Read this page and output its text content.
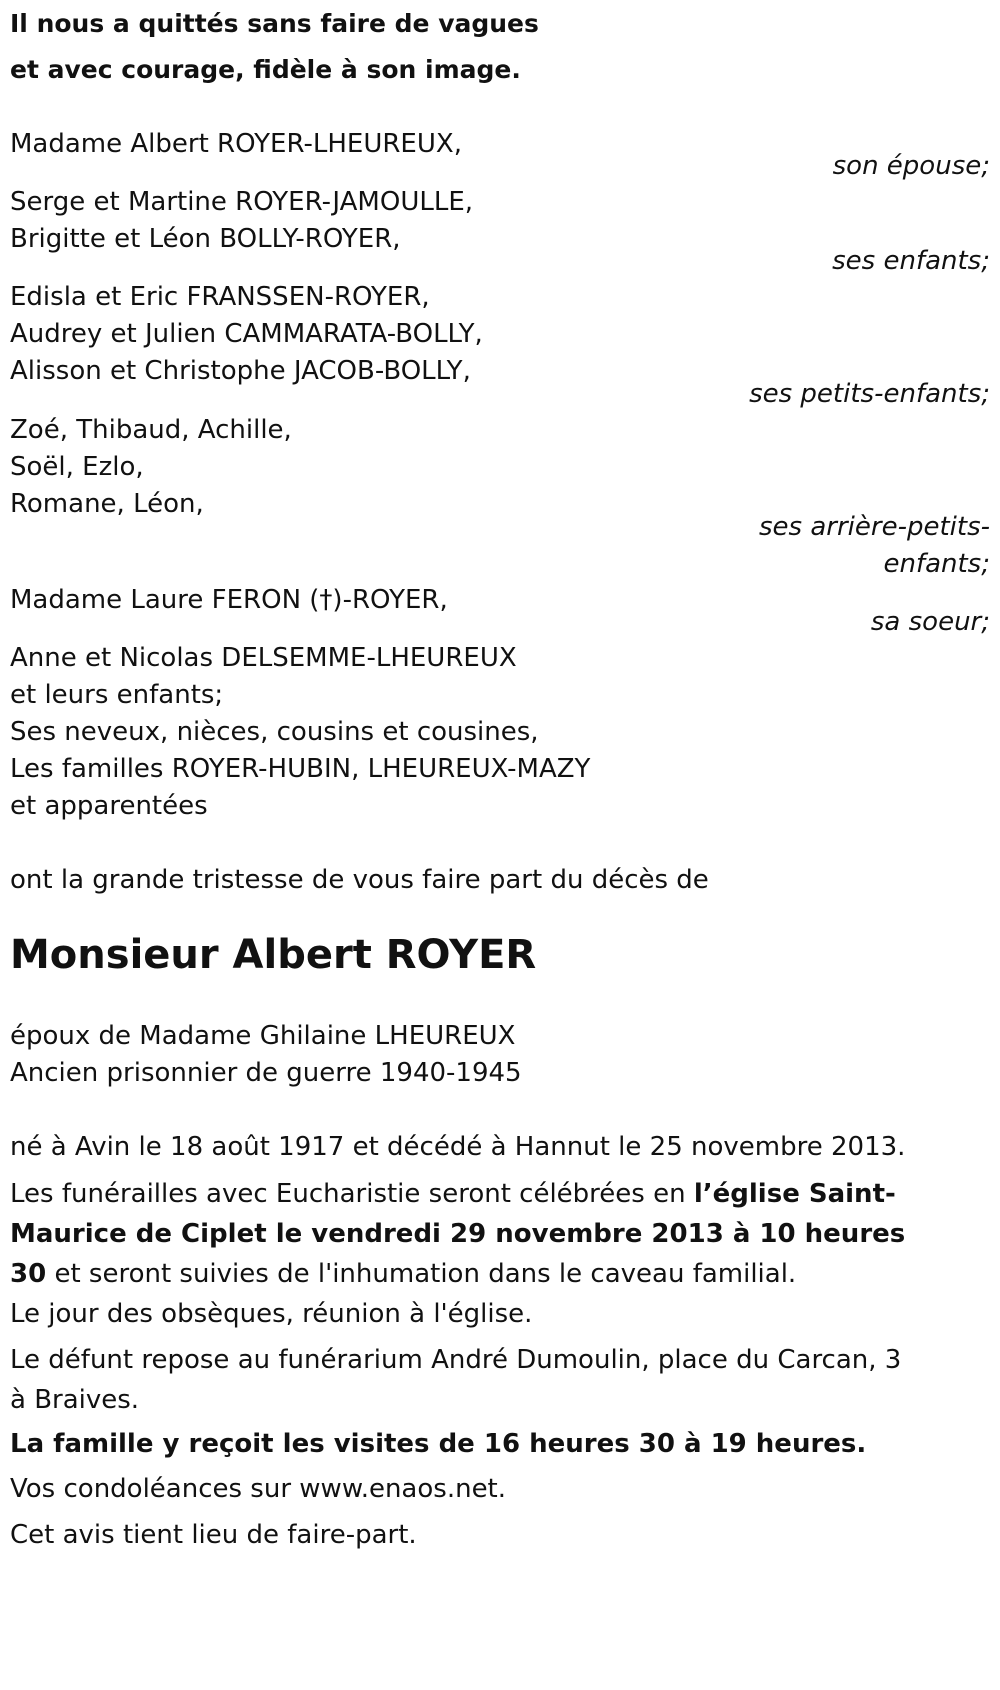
Il nous a quittés sans faire de vagues
et avec courage, fidèle à son image.
Madame Albert ROYER-LHEUREUX,
son épouse;
Serge et Martine ROYER-JAMOULLE,
Brigitte et Léon BOLLY-ROYER,
ses enfants;
Edisla et Eric FRANSSEN-ROYER,
Audrey et Julien CAMMARATA-BOLLY,
Alisson et Christophe JACOB-BOLLY,
ses petits-enfants;
Zoé, Thibaud, Achille,
Soël, Ezlo,
Romane, Léon,
ses arrière-petits-
enfants;
Madame Laure FERON (†)-ROYER,
sa soeur;
Anne et Nicolas DELSEMME-LHEUREUX
et leurs enfants;
Ses neveux, nièces, cousins et cousines,
Les familles ROYER-HUBIN, LHEUREUX-MAZY
et apparentées
ont la grande tristesse de vous faire part du décès de
Monsieur Albert ROYER
époux de Madame Ghilaine LHEUREUX
Ancien prisonnier de guerre 1940-1945
né à Avin le 18 août 1917 et décédé à Hannut le 25 novembre 2013.
Les funérailles avec Eucharistie seront célébrées en l’église Saint-Maurice de Ciplet le vendredi 29 novembre 2013 à 10 heures 30 et seront suivies de l'inhumation dans le caveau familial.
Le jour des obsèques, réunion à l'église.
Le défunt repose au funérarium André Dumoulin, place du Carcan, 3 à Braives.
La famille y reçoit les visites de 16 heures 30 à 19 heures.
Vos condoléances sur www.enaos.net.
Cet avis tient lieu de faire-part.
